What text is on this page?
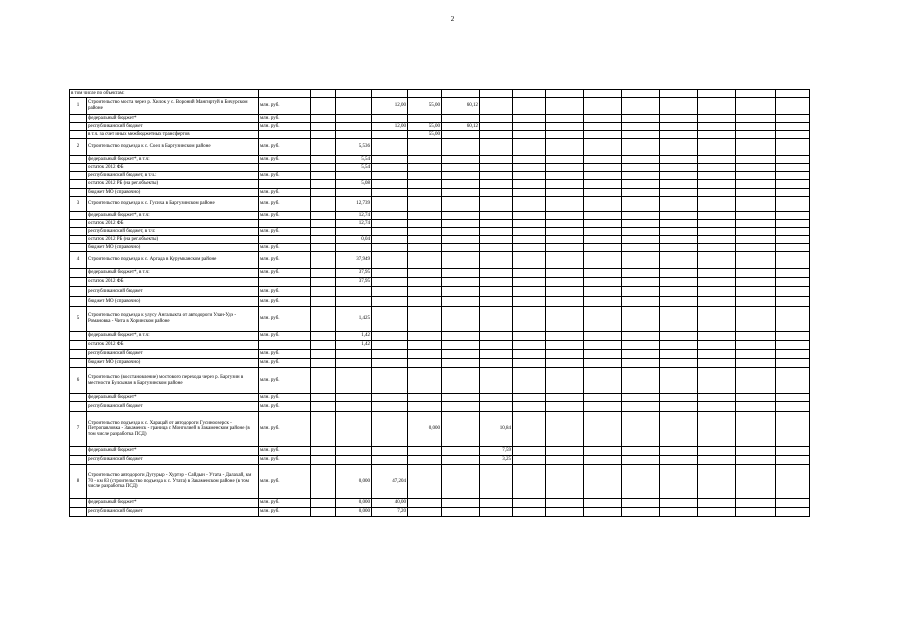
2
в том числе по объектам:																
1	Строительство моста через р. Хилок у с. Вороний Мангиртуй в Бичурском районе	млн. руб.			12,00	55,00	60,12									
	федеральный бюджет*	млн. руб.														
	республиканский бюджет	млн. руб.			12,00	55,00	60,12									
	в т.ч. за счет иных межбюджетных трансфертов					55,00										
2	Строительство подъезда к с. Соел в Баргузинском районе	млн. руб.		5,536												
	федеральный бюджет*, в т.ч:	млн. руб.		5,54												
	остаток 2012 ФБ			5,54												
	республиканский бюджет, в т.ч.:	млн. руб.														
	остаток 2012 РБ (на рег.объекты)			5,08												
	бюджет МО (справочно)	млн. руб.														
3	Строительство подъезда к с. Гусиха в Баргузинском районе	млн. руб.		12,739												
	федеральный бюджет*, в т.ч:	млн. руб.		12,74												
	остаток 2012 ФБ			12,74												
	республиканский бюджет, в т.ч:	млн. руб.														
	остаток 2012 РБ (на рег.объекты)			0,04												
	бюджет МО (справочно)	млн. руб.														
4	Строительство подъезда к с. Аргада в Курумканском районе	млн. руб.		37,949												
	федеральный бюджет*, в т.ч:	млн. руб.		37,95												
	остаток 2012 ФБ			37,95												
	республиканский бюджет	млн. руб.														
	бюджет МО (справочно)	млн. руб.														
5	Строительство подъезда к улусу Ангалыкта от автодороги Улан-Удэ - Романовка - Чита в Хоринском районе	млн. руб.		1,425												
	федеральный бюджет*, в т.ч:	млн. руб.		1,42												
	остаток 2012 ФБ			1,42												
	республиканский бюджет	млн. руб.														
	бюджет МО (справочно)	млн. руб.														
6	Строительство (восстановление) мостового перехода через р. Баргузин в местности Булсынан в Баргузинском районе	млн. руб.														
	федеральный бюджет*	млн. руб.														
	республиканский бюджет	млн. руб.														
7	Строительство подъезда к с. Харацай от автодороги Гусиноозерск - Петропавловка - Закаменск - граница с Монголией в Закаменском районе (в том числе разработка ПСД)	млн. руб.				0,000		10,84								
	федеральный бюджет*	млн. руб.						7,59								
	республиканский бюджет	млн. руб.						3,25								
8	Строительство автодороги Дугурыр - Хуртэр - Сайдын - Утата - Далахай, км 70 - км 83 (строительство подъезда к с. Утата) в Закаменском районе (в том числе разработка ПСД)	млн. руб.		0,000	47,204											
	федеральный бюджет*	млн. руб.		0,000	40,00											
	республиканский бюджет	млн. руб.		0,000	7,20											
